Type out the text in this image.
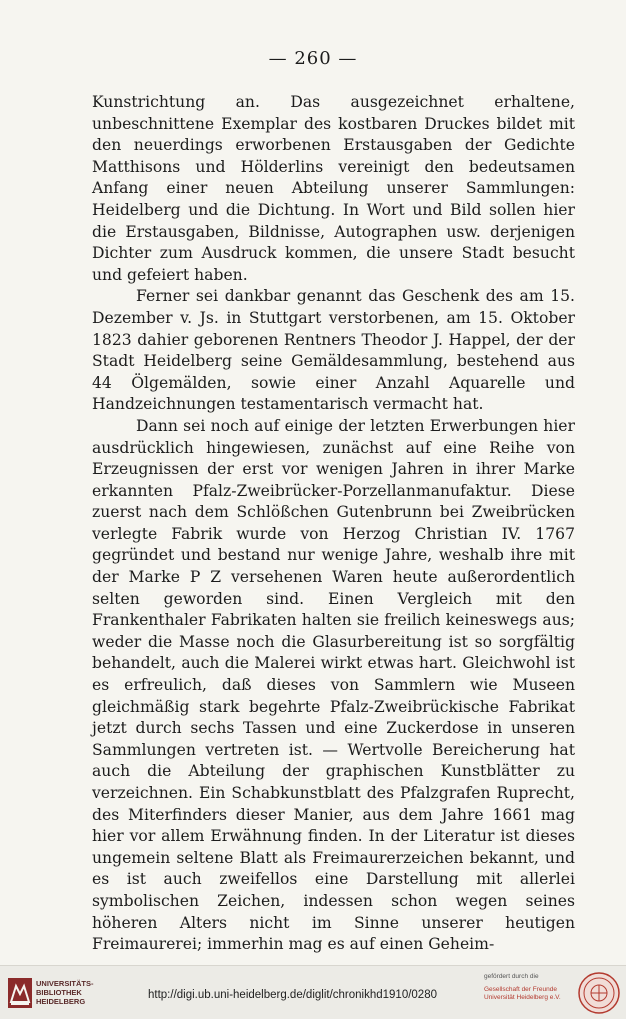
— 260 —

Kunstrichtung an. Das ausgezeichnet erhaltene, unbeschnittene Exemplar des kostbaren Druckes bildet mit den neuerdings erworbenen Erstausgaben der Gedichte Matthisons und Hölderlins vereinigt den bedeutsamen Anfang einer neuen Abteilung unserer Sammlungen: Heidelberg und die Dichtung. In Wort und Bild sollen hier die Erstausgaben, Bildnisse, Autographen usw. derjenigen Dichter zum Ausdruck kommen, die unsere Stadt besucht und gefeiert haben.

Ferner sei dankbar genannt das Geschenk des am 15. Dezember v. Js. in Stuttgart verstorbenen, am 15. Oktober 1823 dahier geborenen Rentners Theodor J. Happel, der der Stadt Heidelberg seine Gemäldesammlung, bestehend aus 44 Ölgemälden, sowie einer Anzahl Aquarelle und Handzeichnungen testamentarisch vermacht hat.

Dann sei noch auf einige der letzten Erwerbungen hier ausdrücklich hingewiesen, zunächst auf eine Reihe von Erzeugnissen der erst vor wenigen Jahren in ihrer Marke erkannten Pfalz-Zweibrücker-Porzellanmanufaktur. Diese zuerst nach dem Schlößchen Gutenbrunn bei Zweibrücken verlegte Fabrik wurde von Herzog Christian IV. 1767 gegründet und bestand nur wenige Jahre, weshalb ihre mit der Marke P Z versehenen Waren heute außerordentlich selten geworden sind. Einen Vergleich mit den Frankenthaler Fabrikaten halten sie freilich keineswegs aus; weder die Masse noch die Glasurbereitung ist so sorgfältig behandelt, auch die Malerei wirkt etwas hart. Gleichwohl ist es erfreulich, daß dieses von Sammlern wie Museen gleichmäßig stark begehrte Pfalz-Zweibrückische Fabrikat jetzt durch sechs Tassen und eine Zuckerdose in unseren Sammlungen vertreten ist. — Wertvolle Bereicherung hat auch die Abteilung der graphischen Kunstblätter zu verzeichnen. Ein Schabkunstblatt des Pfalzgrafen Ruprecht, des Miterfinders dieser Manier, aus dem Jahre 1661 mag hier vor allem Erwähnung finden. In der Literatur ist dieses ungemein seltene Blatt als Freimaurerzeichen bekannt, und es ist auch zweifellos eine Darstellung mit allerlei symbolischen Zeichen, indessen schon wegen seines höheren Alters nicht im Sinne unserer heutigen Freimaurerei; immerhin mag es auf einen Geheim-

UNIVERSITÄTS-
BIBLIOTHEK
HEIDELBERG
http://digi.ub.uni-heidelberg.de/diglit/chronikhd1910/0280
gefördert durch die
Gesellschaft der Freunde
Universität Heidelberg e.V.
